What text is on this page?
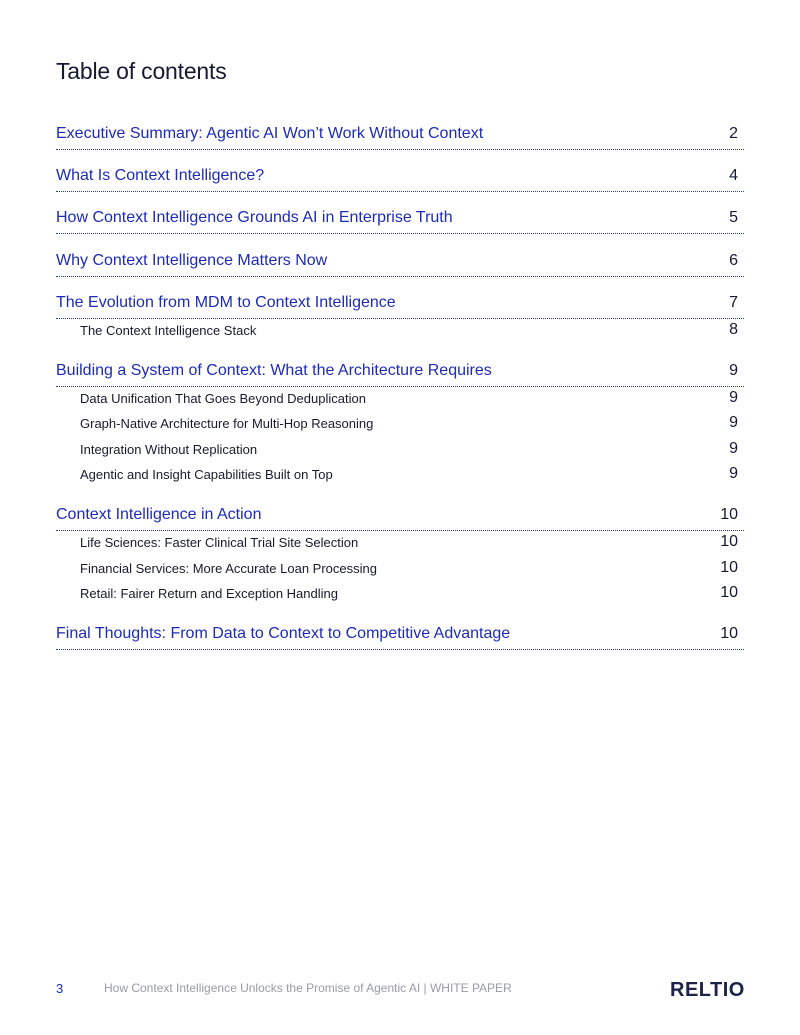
Table of contents
Executive Summary: Agentic AI Won’t Work Without Context	2
What Is Context Intelligence?	4
How Context Intelligence Grounds AI in Enterprise Truth	5
Why Context Intelligence Matters Now	6
The Evolution from MDM to Context Intelligence	7
The Context Intelligence Stack	8
Building a System of Context: What the Architecture Requires	9
Data Unification That Goes Beyond Deduplication	9
Graph-Native Architecture for Multi-Hop Reasoning	9
Integration Without Replication	9
Agentic and Insight Capabilities Built on Top	9
Context Intelligence in Action	10
Life Sciences: Faster Clinical Trial Site Selection	10
Financial Services: More Accurate Loan Processing	10
Retail: Fairer Return and Exception Handling	10
Final Thoughts: From Data to Context to Competitive Advantage	10
3	How Context Intelligence Unlocks the Promise of Agentic AI | WHITE PAPER	RELTIO
